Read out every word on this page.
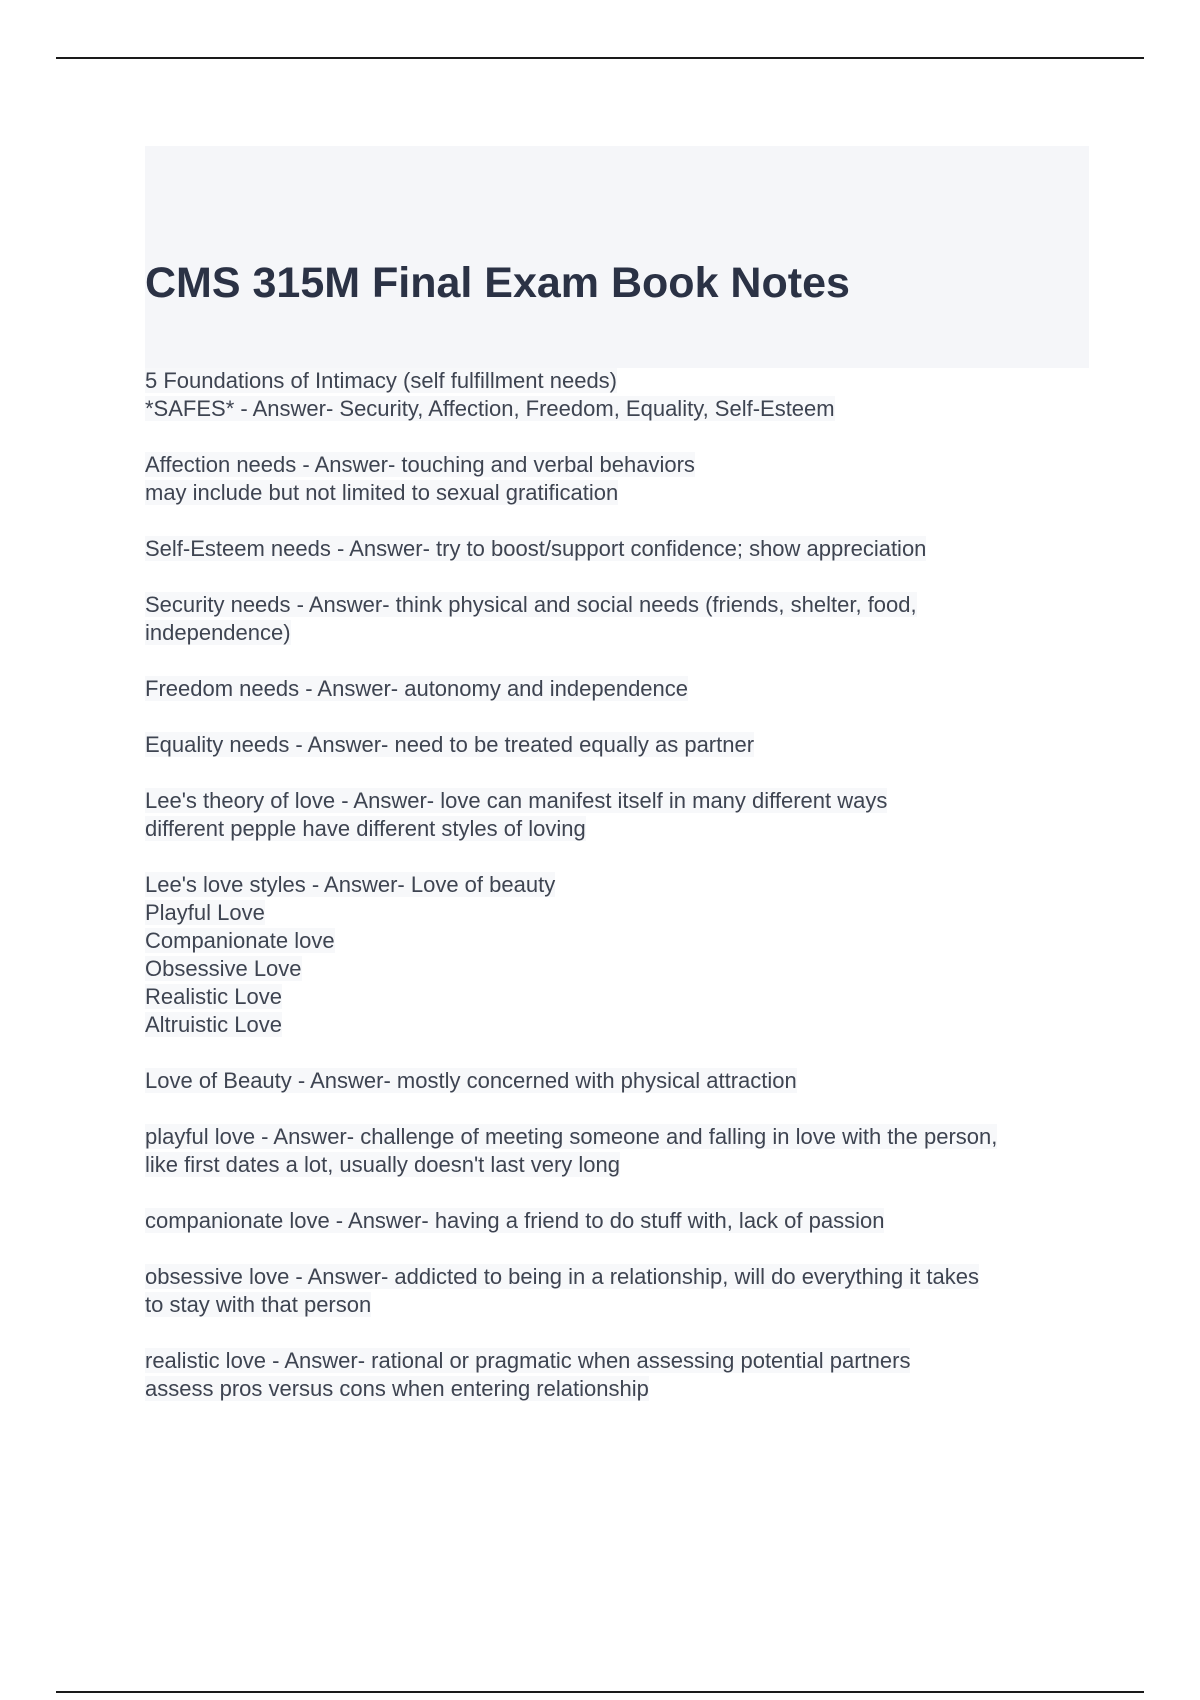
CMS 315M Final Exam Book Notes
5 Foundations of Intimacy (self fulfillment needs)
*SAFES* - Answer- Security, Affection, Freedom, Equality, Self-Esteem
Affection needs - Answer- touching and verbal behaviors
may include but not limited to sexual gratification
Self-Esteem needs - Answer- try to boost/support confidence; show appreciation
Security needs - Answer- think physical and social needs (friends, shelter, food,
independence)
Freedom needs - Answer- autonomy and independence
Equality needs - Answer- need to be treated equally as partner
Lee's theory of love - Answer- love can manifest itself in many different ways
different pepple have different styles of loving
Lee's love styles - Answer- Love of beauty
Playful Love
Companionate love
Obsessive Love
Realistic Love
Altruistic Love
Love of Beauty - Answer- mostly concerned with physical attraction
playful love - Answer- challenge of meeting someone and falling in love with the person,
like first dates a lot, usually doesn't last very long
companionate love - Answer- having a friend to do stuff with, lack of passion
obsessive love - Answer- addicted to being in a relationship, will do everything it takes
to stay with that person
realistic love - Answer- rational or pragmatic when assessing potential partners
assess pros versus cons when entering relationship
